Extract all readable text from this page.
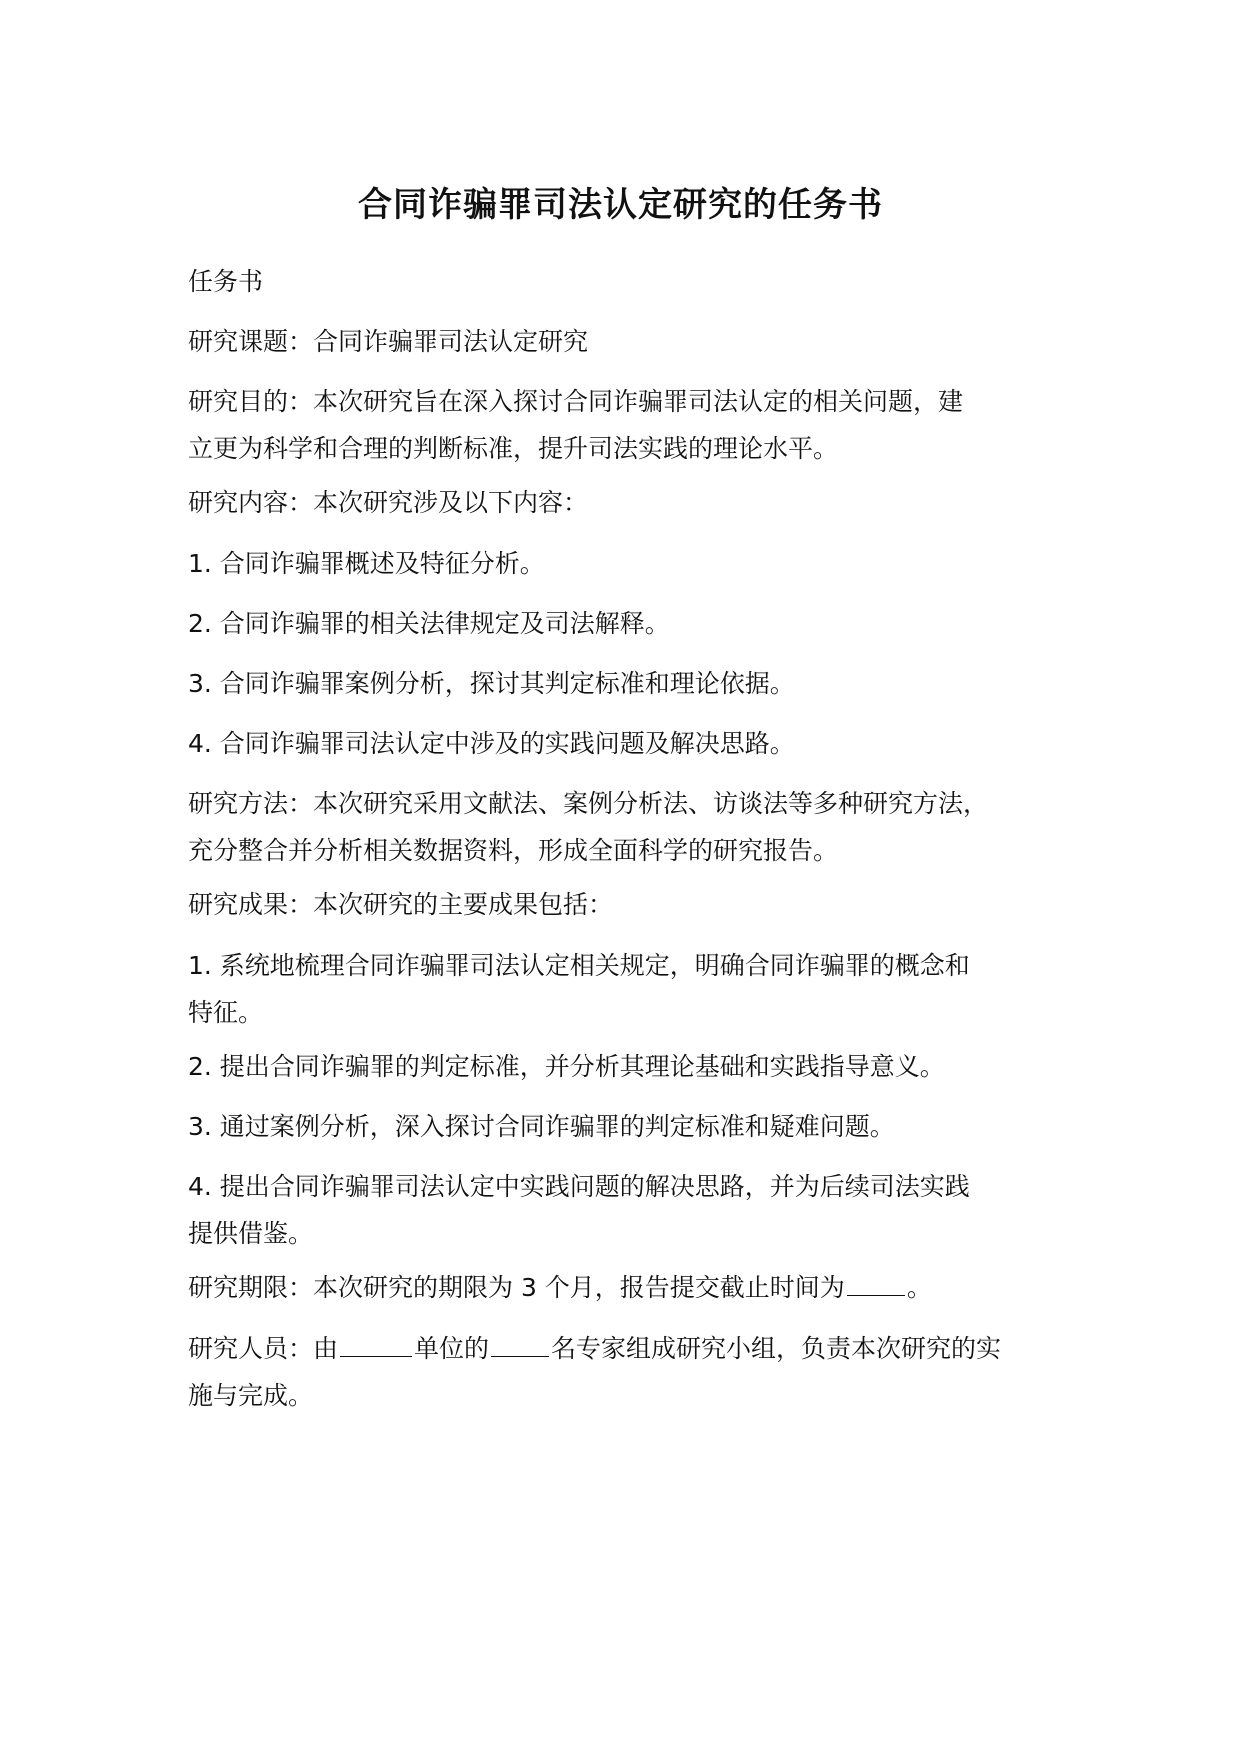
合同诈骗罪司法认定研究的任务书

任务书

研究课题：合同诈骗罪司法认定研究

研究目的：本次研究旨在深入探讨合同诈骗罪司法认定的相关问题，建
立更为科学和合理的判断标准，提升司法实践的理论水平。

研究内容：本次研究涉及以下内容：

1. 合同诈骗罪概述及特征分析。

2. 合同诈骗罪的相关法律规定及司法解释。

3. 合同诈骗罪案例分析，探讨其判定标准和理论依据。

4. 合同诈骗罪司法认定中涉及的实践问题及解决思路。

研究方法：本次研究采用文献法、案例分析法、访谈法等多种研究方法，
充分整合并分析相关数据资料，形成全面科学的研究报告。

研究成果：本次研究的主要成果包括：

1. 系统地梳理合同诈骗罪司法认定相关规定，明确合同诈骗罪的概念和
特征。

2. 提出合同诈骗罪的判定标准，并分析其理论基础和实践指导意义。

3. 通过案例分析，深入探讨合同诈骗罪的判定标准和疑难问题。

4. 提出合同诈骗罪司法认定中实践问题的解决思路，并为后续司法实践
提供借鉴。

研究期限：本次研究的期限为 3 个月，报告提交截止时间为 。

研究人员：由	单位的 名专家组成研究小组，负责本次研究的实
施与完成。
